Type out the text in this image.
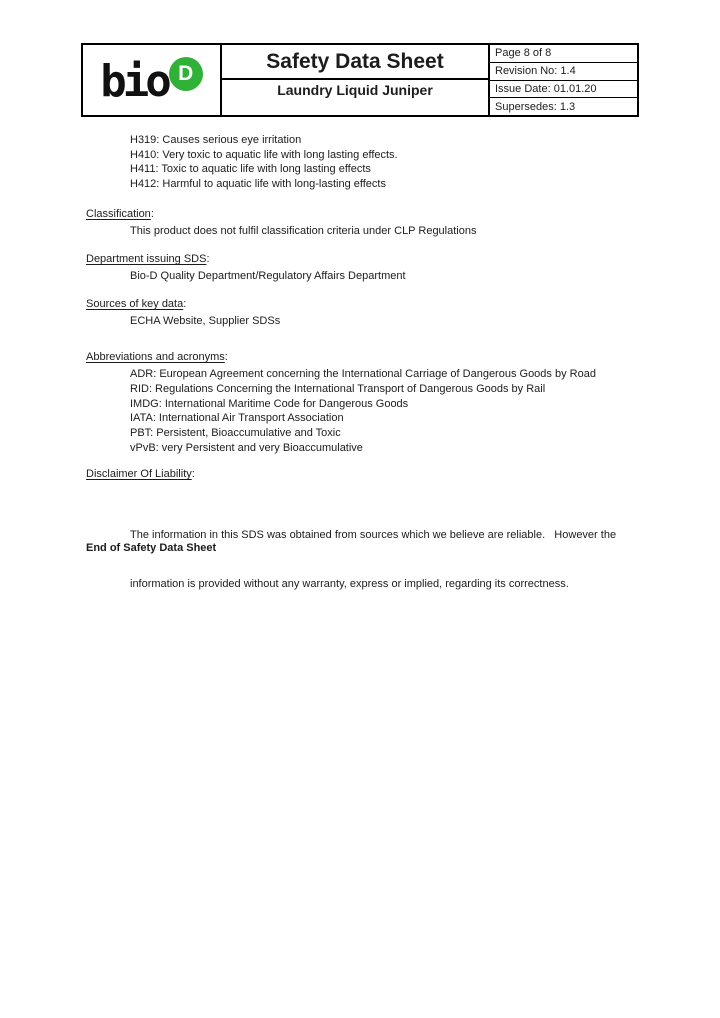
bio D
Safety Data Sheet
Laundry Liquid Juniper
Page 8 of 8
Revision No: 1.4
Issue Date: 01.01.20
Supersedes: 1.3
H319: Causes serious eye irritation
H410: Very toxic to aquatic life with long lasting effects.
H411: Toxic to aquatic life with long lasting effects
H412: Harmful to aquatic life with long-lasting effects
Classification:
This product does not fulfil classification criteria under CLP Regulations
Department issuing SDS:
Bio-D Quality Department/Regulatory Affairs Department
Sources of key data:
ECHA Website, Supplier SDSs
Abbreviations and acronyms:
ADR: European Agreement concerning the International Carriage of Dangerous Goods by Road
RID: Regulations Concerning the International Transport of Dangerous Goods by Rail
IMDG: International Maritime Code for Dangerous Goods
IATA: International Air Transport Association
PBT: Persistent, Bioaccumulative and Toxic
vPvB: very Persistent and very Bioaccumulative
Disclaimer Of Liability:

The information in this SDS was obtained from sources which we believe are reliable.   However the

information is provided without any warranty, express or implied, regarding its correctness.

End of Safety Data Sheet
